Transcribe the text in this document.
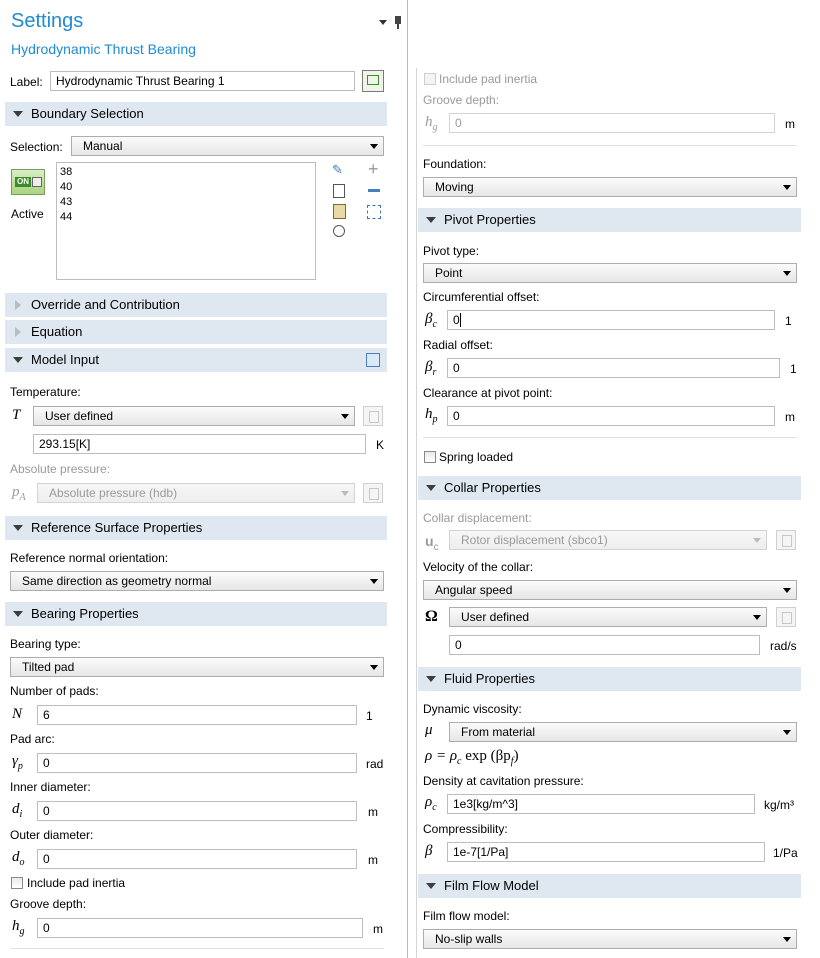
Settings
Hydrodynamic Thrust Bearing
Label:	Hydrodynamic Thrust Bearing 1
Boundary Selection
Selection:	Manual
ON
Active
38
40
43
44
✎ +
Override and Contribution
Equation
Model Input
Temperature:
T	User defined
293.15[K]	K
Absolute pressure:
$p_A$	Absolute pressure (hdb)
Reference Surface Properties
Reference normal orientation:
Same direction as geometry normal
Bearing Properties
Bearing type:
Tilted pad
Number of pads:
N	6	1
Pad arc:
$\gamma_p$	0	rad
Inner diameter:
$d_i$	0	m
Outer diameter:
$d_o$	0	m
Include pad inertia
Groove depth:
$h_g$	0	m
Include pad inertia
Groove depth:
$h_g$	0	m
Foundation:
Moving
Pivot Properties
Pivot type:
Point
Circumferential offset:
$\beta_c$	0	1
Radial offset:
$\beta_r$	0	1
Clearance at pivot point:
$h_p$	0	m
Spring loaded
Collar Properties
Collar displacement:
$u_c$
Rotor displacement (sbco1)
Velocity of the collar:
Angular speed
Ω	User defined
0	rad/s
Fluid Properties
Dynamic viscosity:
μ	From material
$\rho = \rho_c$ $\exp (\beta p_f)$
Density at cavitation pressure:
$\rho_c$	1e3[kg/m^3]	kg/m³
Compressibility:
β	1e-7[1/Pa]	1/Pa
Film Flow Model
Film flow model:
No-slip walls
